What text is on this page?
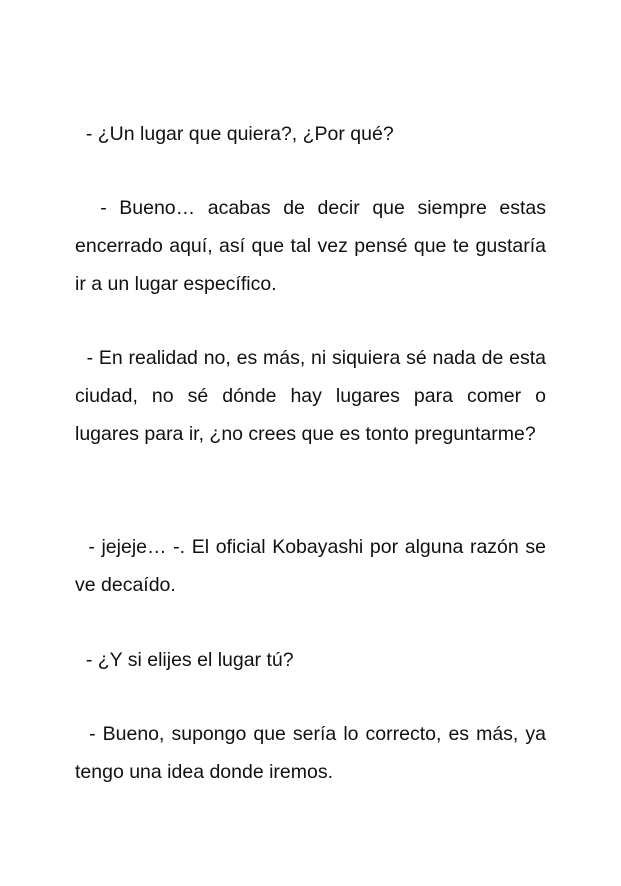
- ¿Un lugar que quiera?, ¿Por qué?

- Bueno… acabas de decir que siempre estas encerrado aquí, así que tal vez pensé que te gustaría ir a un lugar específico.

- En realidad no, es más, ni siquiera sé nada de esta ciudad, no sé dónde hay lugares para comer o lugares para ir, ¿no crees que es tonto preguntarme?

- jejeje… -. El oficial Kobayashi por alguna razón se ve decaído.

- ¿Y si elijes el lugar tú?

- Bueno, supongo que sería lo correcto, es más, ya tengo una idea donde iremos.
